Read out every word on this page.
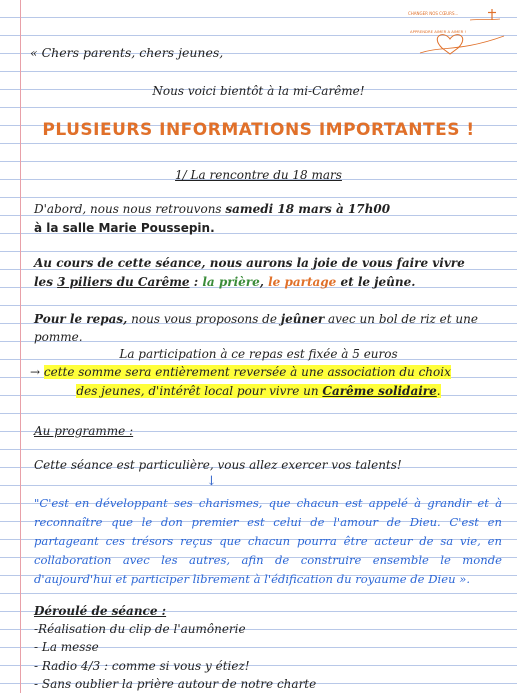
CHANGER NOS CŒURS...
APPRENDRE AIMER A AIMER !
« Chers parents, chers jeunes,
Nous voici bientôt à la mi-Carême!
PLUSIEURS INFORMATIONS IMPORTANTES !
1/ La rencontre du 18 mars
D'abord, nous nous retrouvons samedi 18 mars à 17h00
à la salle Marie Poussepin.
Au cours de cette séance, nous aurons la joie de vous faire vivre
les 3 piliers du Carême : la prière, le partage et le jeûne.
Pour le repas, nous vous proposons de jeûner avec un bol de riz et une
pomme.
La participation à ce repas est fixée à 5 euros
→ cette somme sera entièrement reversée à une association du choix
des jeunes, d'intérêt local pour vivre un Carême solidaire.
Au programme :
Cette séance est particulière, vous allez exercer vos talents!
↓
"C'est en développant ses charismes, que chacun est appelé à grandir et à reconnaître que le don premier est celui de l'amour de Dieu. C'est en partageant ces trésors reçus que chacun pourra être acteur de sa vie, en collaboration avec les autres, afin de construire ensemble le monde d'aujourd'hui et participer librement à l'édification du royaume de Dieu ».
Déroulé de séance :
-Réalisation du clip de l'aumônerie
- La messe
- Radio 4/3 : comme si vous y étiez!
- Sans oublier la prière autour de notre charte
